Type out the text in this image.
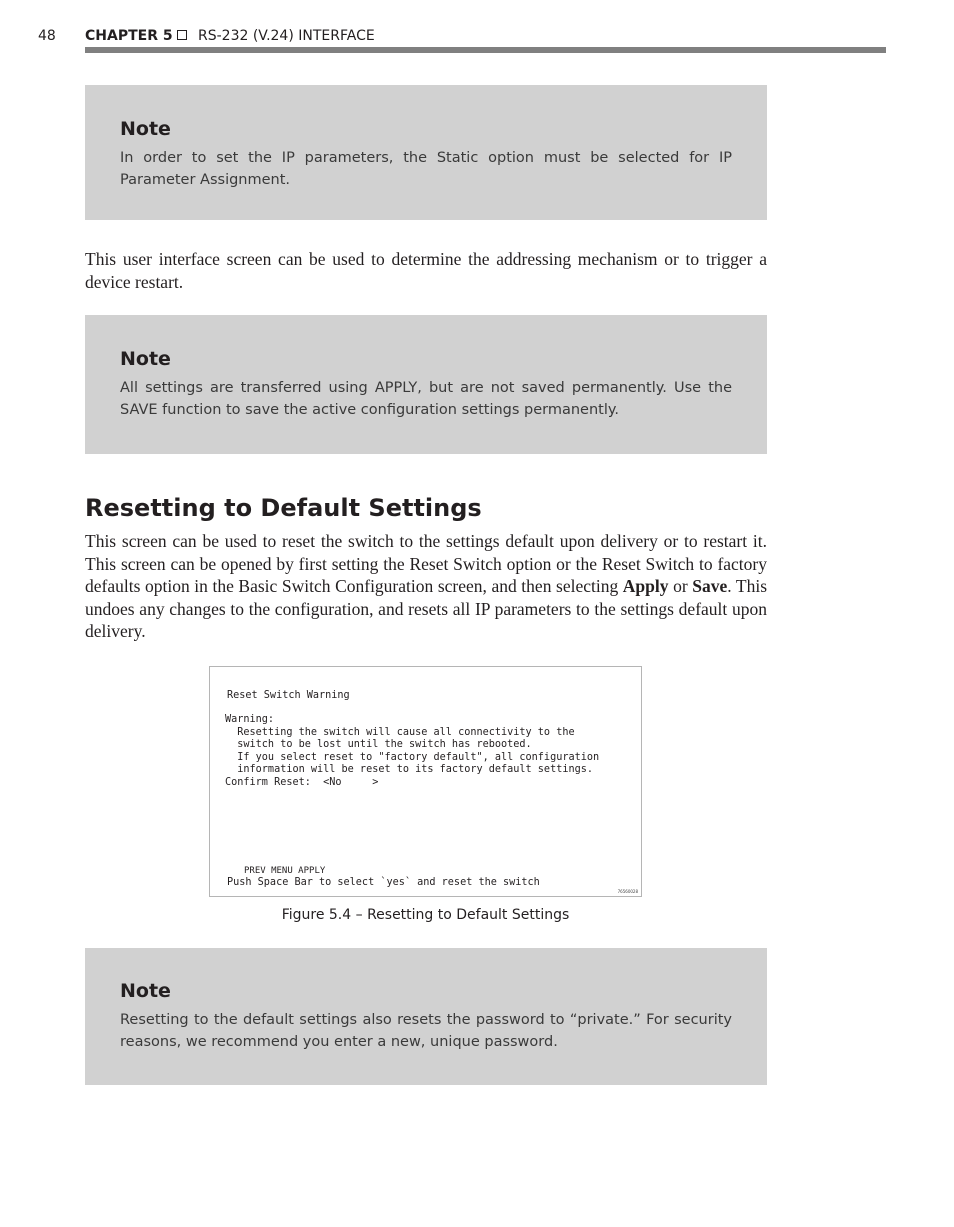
48 CHAPTER 5 RS-232 (V.24) INTERFACE
Note
In order to set the IP parameters, the Static option must be selected for IP Parameter Assignment.
This user interface screen can be used to determine the addressing mechanism or to trigger a device restart.
Note
All settings are transferred using APPLY, but are not saved permanently. Use the SAVE function to save the active configuration settings permanently.
Resetting to Default Settings
This screen can be used to reset the switch to the settings default upon delivery or to restart it. This screen can be opened by first setting the Reset Switch option or the Reset Switch to factory defaults option in the Basic Switch Configuration screen, and then selecting Apply or Save. This undoes any changes to the configuration, and resets all IP parameters to the settings default upon delivery.
Reset Switch Warning
Warning:
Resetting the switch will cause all connectivity to the
switch to be lost until the switch has rebooted.
If you select reset to "factory default", all configuration
information will be reset to its factory default settings.
Confirm Reset:  <No     >
PREV MENU APPLY
Push Space Bar to select `yes` and reset the switch
76560028
Figure 5.4 – Resetting to Default Settings
Note
Resetting to the default settings also resets the password to “private.” For security reasons, we recommend you enter a new, unique password.
